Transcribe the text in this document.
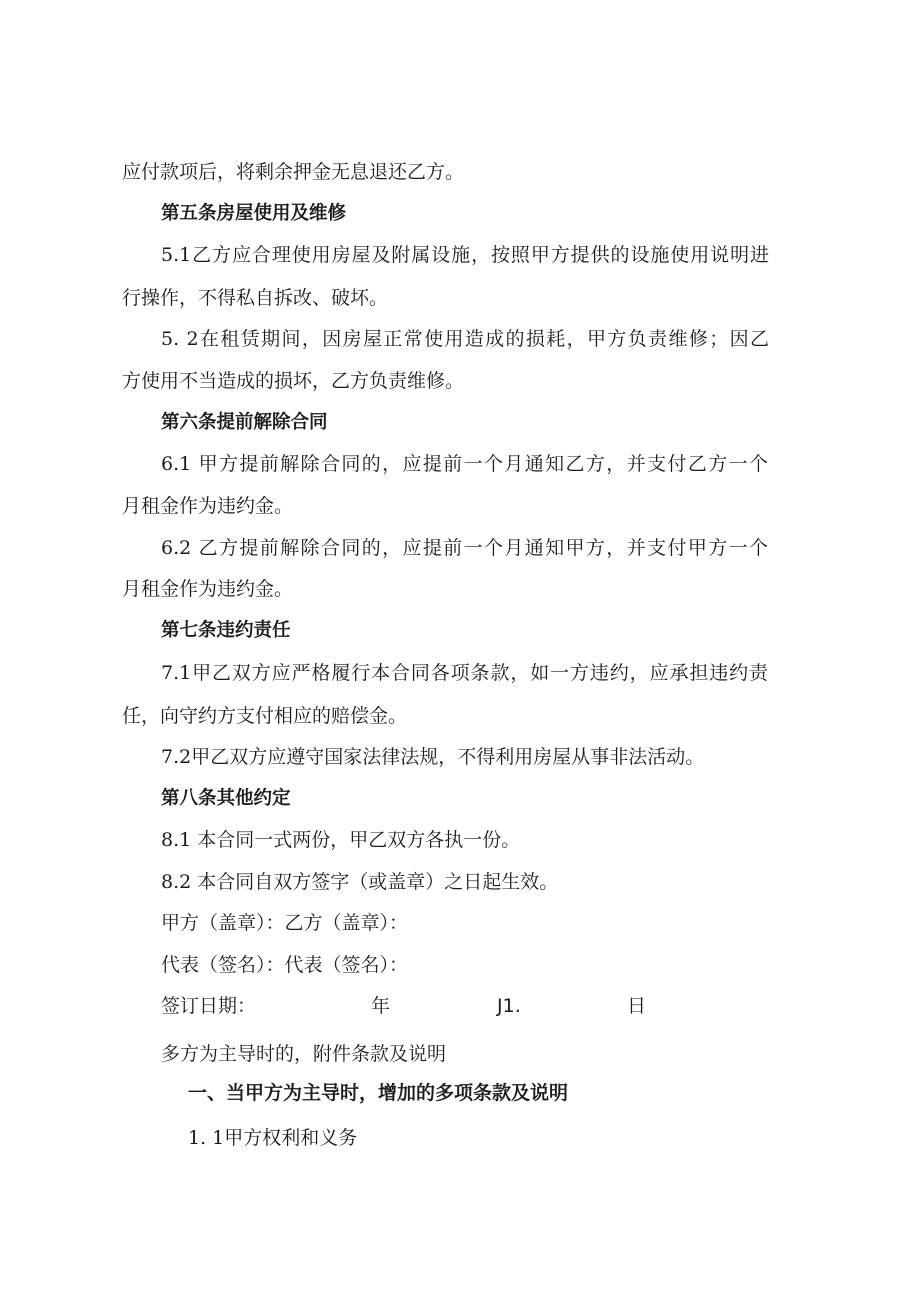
应付款项后，将剩余押金无息退还乙方。
第五条房屋使用及维修
5.1乙方应合理使用房屋及附属设施，按照甲方提供的设施使用说明进
行操作，不得私自拆改、破坏。
5. 2在租赁期间，因房屋正常使用造成的损耗，甲方负责维修；因乙
方使用不当造成的损坏，乙方负责维修。
第六条提前解除合同
6.1 甲方提前解除合同的，应提前一个月通知乙方，并支付乙方一个
月租金作为违约金。
6.2 乙方提前解除合同的，应提前一个月通知甲方，并支付甲方一个
月租金作为违约金。
第七条违约责任
7.1甲乙双方应严格履行本合同各项条款，如一方违约，应承担违约责
任，向守约方支付相应的赔偿金。
7.2甲乙双方应遵守国家法律法规，不得利用房屋从事非法活动。
第八条其他约定
8.1 本合同一式两份，甲乙双方各执一份。
8.2 本合同自双方签字（或盖章）之日起生效。
甲方（盖章）：乙方（盖章）：
代表（签名）：代表（签名）：
签订日期：	年	J1.	日
多方为主导时的，附件条款及说明
一、当甲方为主导时，增加的多项条款及说明
1. 1甲方权利和义务
